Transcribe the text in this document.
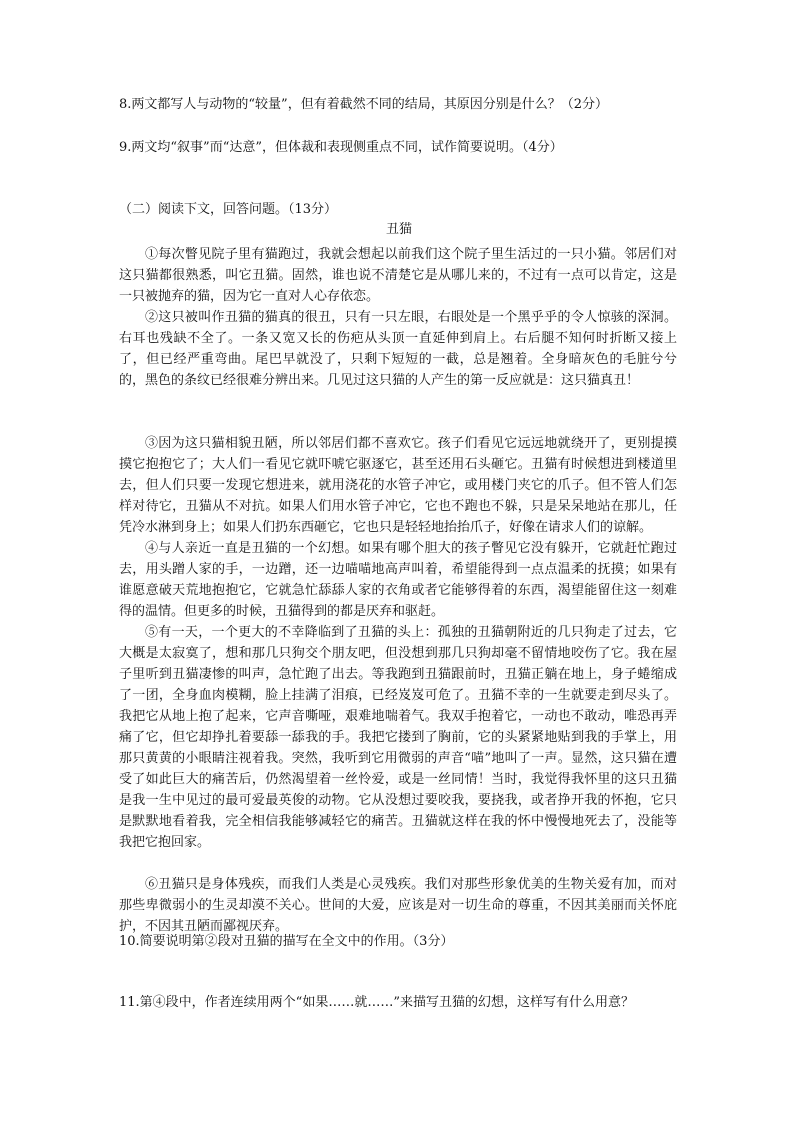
8.两文都写人与动物的“较量”，但有着截然不同的结局，其原因分别是什么？（2分）
9.两文均“叙事”而“达意”，但体裁和表现侧重点不同，试作简要说明。（4分）
（二）阅读下文，回答问题。（13分）
丑猫

①每次瞥见院子里有猫跑过，我就会想起以前我们这个院子里生活过的一只小猫。邻居们对这只猫都很熟悉，叫它丑猫。固然，谁也说不清楚它是从哪儿来的，不过有一点可以肯定，这是一只被抛弃的猫，因为它一直对人心存依恋。

②这只被叫作丑猫的猫真的很丑，只有一只左眼，右眼处是一个黑乎乎的令人惊骇的深洞。右耳也残缺不全了。一条又宽又长的伤疤从头顶一直延伸到肩上。右后腿不知何时折断又接上了，但已经严重弯曲。尾巴早就没了，只剩下短短的一截，总是翘着。全身暗灰色的毛脏兮兮的，黑色的条纹已经很难分辨出来。几见过这只猫的人产生的第一反应就是：这只猫真丑！

③因为这只猫相貌丑陋，所以邻居们都不喜欢它。孩子们看见它远远地就绕开了，更别提摸摸它抱抱它了；大人们一看见它就吓唬它驱逐它，甚至还用石头砸它。丑猫有时候想进到楼道里去，但人们只要一发现它想进来，就用浇花的水管子冲它，或用楼门夹它的爪子。但不管人们怎样对待它，丑猫从不对抗。如果人们用水管子冲它，它也不跑也不躲，只是呆呆地站在那儿，任凭冷水淋到身上；如果人们扔东西砸它，它也只是轻轻地抬抬爪子，好像在请求人们的谅解。

④与人亲近一直是丑猫的一个幻想。如果有哪个胆大的孩子瞥见它没有躲开，它就赶忙跑过去，用头蹭人家的手，一边蹭，还一边喵喵地高声叫着，希望能得到一点点温柔的抚摸；如果有谁愿意破天荒地抱抱它，它就急忙舔舔人家的衣角或者它能够得着的东西，渴望能留住这一刻难得的温情。但更多的时候，丑猫得到的都是厌弃和驱赶。

⑤有一天，一个更大的不幸降临到了丑猫的头上：孤独的丑猫朝附近的几只狗走了过去，它大概是太寂寞了，想和那几只狗交个朋友吧，但没想到那几只狗却毫不留情地咬伤了它。我在屋子里听到丑猫凄惨的叫声，急忙跑了出去。等我跑到丑猫跟前时，丑猫正躺在地上，身子蜷缩成了一团，全身血肉模糊，脸上挂满了泪痕，已经岌岌可危了。丑猫不幸的一生就要走到尽头了。我把它从地上抱了起来，它声音嘶哑，艰难地喘着气。我双手抱着它，一动也不敢动，唯恐再弄痛了它，但它却挣扎着要舔一舔我的手。我把它搂到了胸前，它的头紧紧地贴到我的手掌上，用那只黄黄的小眼睛注视着我。突然，我听到它用微弱的声音“喵”地叫了一声。显然，这只猫在遭受了如此巨大的痛苦后，仍然渴望着一丝怜爱，或是一丝同情！当时，我觉得我怀里的这只丑猫是我一生中见过的最可爱最英俊的动物。它从没想过要咬我，要挠我，或者挣开我的怀抱，它只是默默地看着我，完全相信我能够减轻它的痛苦。丑猫就这样在我的怀中慢慢地死去了，没能等我把它抱回家。

⑥丑猫只是身体残疾，而我们人类是心灵残疾。我们对那些形象优美的生物关爱有加，而对那些卑微弱小的生灵却漠不关心。世间的大爱，应该是对一切生命的尊重，不因其美丽而关怀庇护，不因其丑陋而鄙视厌弃。

10.简要说明第②段对丑猫的描写在全文中的作用。（3分）
11.第④段中，作者连续用两个“如果……就……”来描写丑猫的幻想，这样写有什么用意？
